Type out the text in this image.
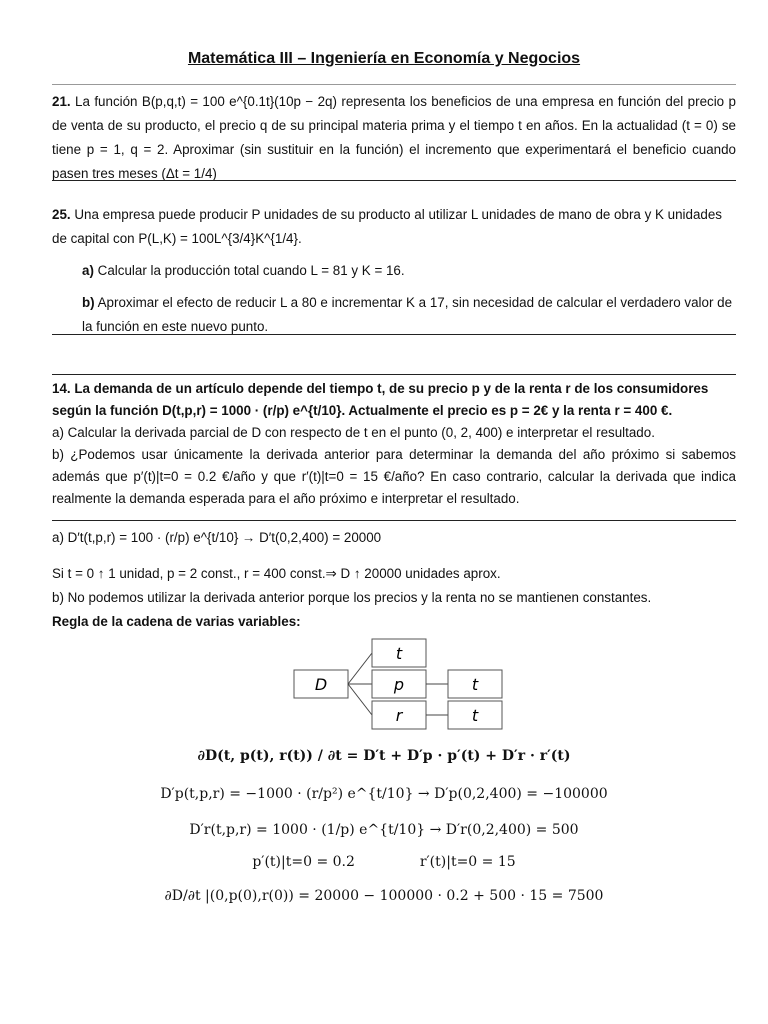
Matemática III – Ingeniería en Economía y Negocios

21. La función B(p,q,t) = 100 e^{0.1t}(10p − 2q) representa los beneficios de una empresa en función del precio p de venta de su producto, el precio q de su principal materia prima y el tiempo t en años. En la actualidad (t = 0) se tiene p = 1, q = 2. Aproximar (sin sustituir en la función) el incremento que experimentará el beneficio cuando pasen tres meses (Δt = 1/4)

25. Una empresa puede producir P unidades de su producto al utilizar L unidades de mano de obra y K unidades de capital con P(L,K) = 100L^{3/4}K^{1/4}.

a) Calcular la producción total cuando L = 81 y K = 16.

b) Aproximar el efecto de reducir L a 80 e incrementar K a 17, sin necesidad de calcular el verdadero valor de la función en este nuevo punto.

14. La demanda de un artículo depende del tiempo t, de su precio p y de la renta r de los consumidores

según la función D(t,p,r) = 1000 · (r/p) e^{t/10}. Actualmente el precio es p = 2€ y la renta r = 400 €.

a) Calcular la derivada parcial de D con respecto de t en el punto (0, 2, 400) e interpretar el resultado.

b) ¿Podemos usar únicamente la derivada anterior para determinar la demanda del año próximo si sabemos además que p′(t)|t=0 = 0.2 €/año y que r′(t)|t=0 = 15 €/año? En caso contrario, calcular la derivada que indica realmente la demanda esperada para el año próximo e interpretar el resultado.

a) D′t(t,p,r) = 100 · (r/p) e^{t/10} → D′t(0,2,400) = 20000

Si t = 0 ↑ 1 unidad, p = 2 const., r = 400 const.⇒ D ↑ 20000 unidades aprox.

b) No podemos utilizar la derivada anterior porque los precios y la renta no se mantienen constantes.

Regla de la cadena de varias variables:

D
t
p
r
t
t
∂D(t, p(t), r(t)) / ∂t = D′t + D′p · p′(t) + D′r · r′(t)
D′p(t,p,r) = −1000 · (r/p²) e^{t/10} → D′p(0,2,400) = −100000
D′r(t,p,r) = 1000 · (1/p) e^{t/10} → D′r(0,2,400) = 500
p′(t)|t=0 = 0.2	r′(t)|t=0 = 15
∂D/∂t |(0,p(0),r(0)) = 20000 − 100000 · 0.2 + 500 · 15 = 7500
